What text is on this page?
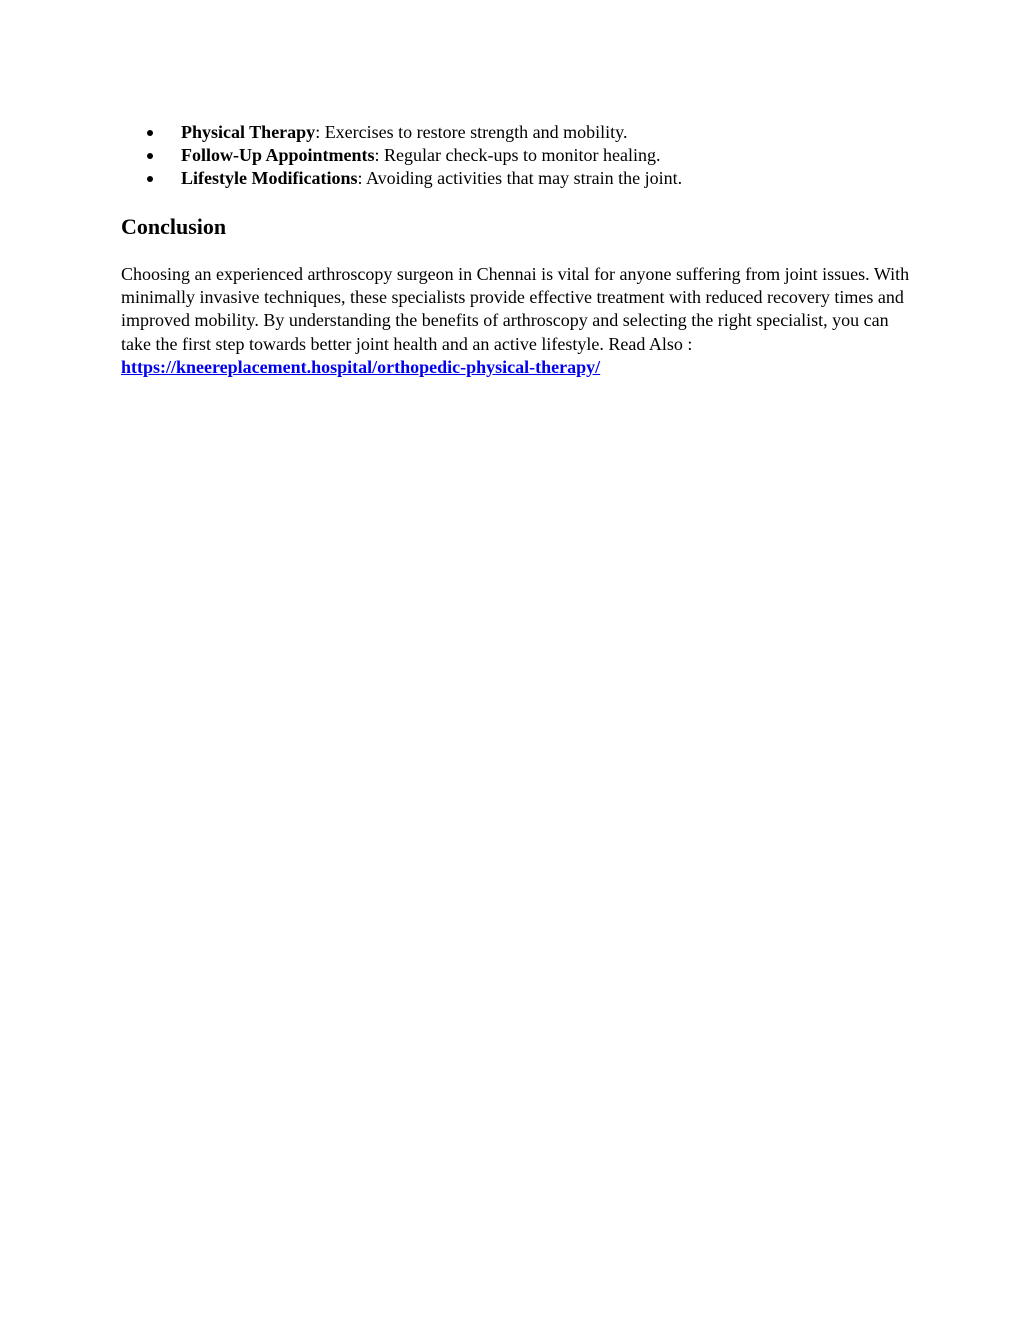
Physical Therapy: Exercises to restore strength and mobility.
Follow-Up Appointments: Regular check-ups to monitor healing.
Lifestyle Modifications: Avoiding activities that may strain the joint.
Conclusion

Choosing an experienced arthroscopy surgeon in Chennai is vital for anyone suffering from joint issues. With minimally invasive techniques, these specialists provide effective treatment with reduced recovery times and improved mobility. By understanding the benefits of arthroscopy and selecting the right specialist, you can take the first step towards better joint health and an active lifestyle. Read Also : https://kneereplacement.hospital/orthopedic-physical-therapy/
